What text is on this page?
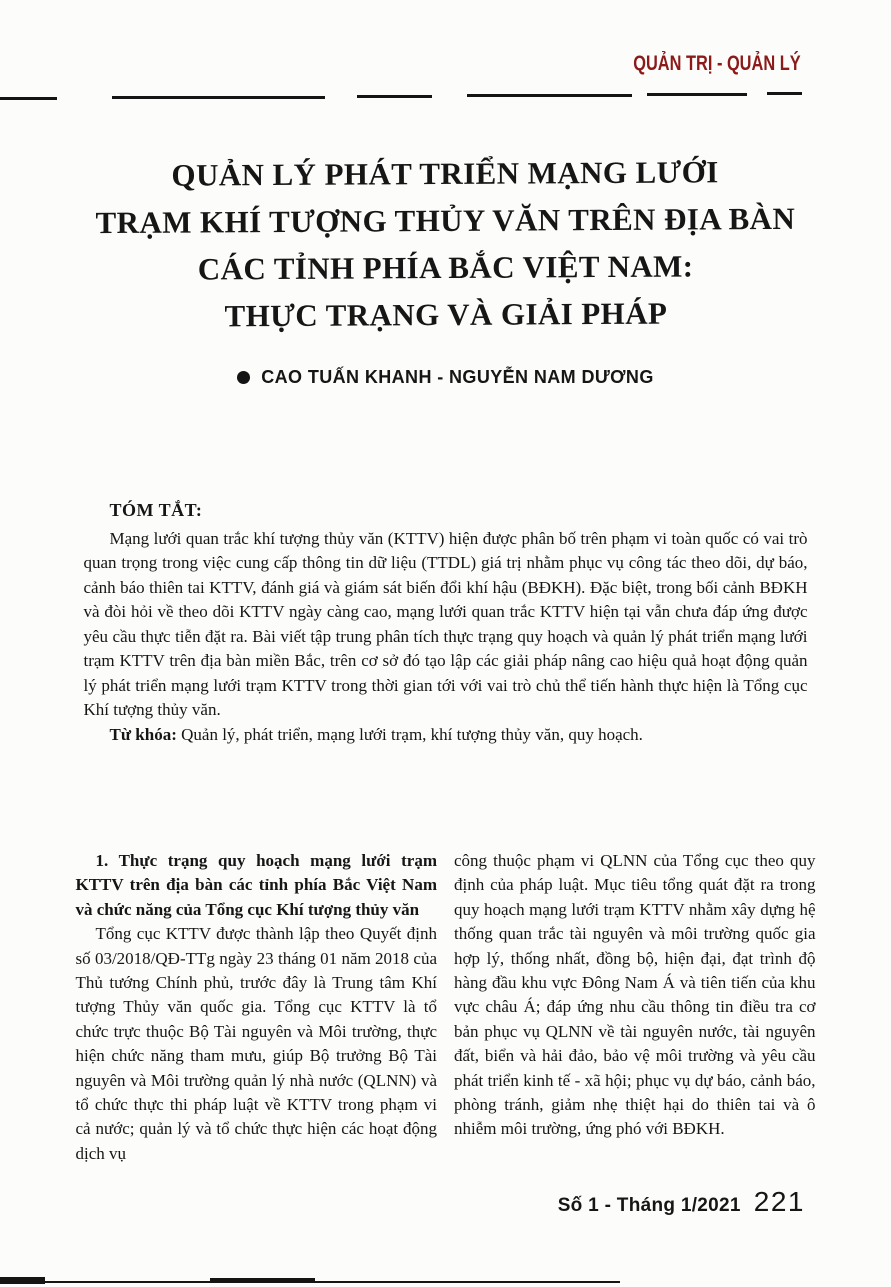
QUẢN TRỊ - QUẢN LÝ
QUẢN LÝ PHÁT TRIỂN MẠNG LƯỚI
TRẠM KHÍ TƯỢNG THỦY VĂN TRÊN ĐỊA BÀN
CÁC TỈNH PHÍA BẮC VIỆT NAM:
THỰC TRẠNG VÀ GIẢI PHÁP
CAO TUẤN KHANH - NGUYỄN NAM DƯƠNG

TÓM TẮT:

Mạng lưới quan trắc khí tượng thủy văn (KTTV) hiện được phân bố trên phạm vi toàn quốc có vai trò quan trọng trong việc cung cấp thông tin dữ liệu (TTDL) giá trị nhằm phục vụ công tác theo dõi, dự báo, cảnh báo thiên tai KTTV, đánh giá và giám sát biến đổi khí hậu (BĐKH). Đặc biệt, trong bối cảnh BĐKH và đòi hỏi về theo dõi KTTV ngày càng cao, mạng lưới quan trắc KTTV hiện tại vẫn chưa đáp ứng được yêu cầu thực tiễn đặt ra. Bài viết tập trung phân tích thực trạng quy hoạch và quản lý phát triển mạng lưới trạm KTTV trên địa bàn miền Bắc, trên cơ sở đó tạo lập các giải pháp nâng cao hiệu quả hoạt động quản lý phát triển mạng lưới trạm KTTV trong thời gian tới với vai trò chủ thể tiến hành thực hiện là Tổng cục Khí tượng thủy văn.

Từ khóa: Quản lý, phát triển, mạng lưới trạm, khí tượng thủy văn, quy hoạch.

1. Thực trạng quy hoạch mạng lưới trạm KTTV trên địa bàn các tỉnh phía Bắc Việt Nam và chức năng của Tổng cục Khí tượng thủy văn

Tổng cục KTTV được thành lập theo Quyết định số 03/2018/QĐ-TTg ngày 23 tháng 01 năm 2018 của Thủ tướng Chính phủ, trước đây là Trung tâm Khí tượng Thủy văn quốc gia. Tổng cục KTTV là tổ chức trực thuộc Bộ Tài nguyên và Môi trường, thực hiện chức năng tham mưu, giúp Bộ trưởng Bộ Tài nguyên và Môi trường quản lý nhà nước (QLNN) và tổ chức thực thi pháp luật về KTTV trong phạm vi cả nước; quản lý và tổ chức thực hiện các hoạt động dịch vụ

công thuộc phạm vi QLNN của Tổng cục theo quy định của pháp luật. Mục tiêu tổng quát đặt ra trong quy hoạch mạng lưới trạm KTTV nhằm xây dựng hệ thống quan trắc tài nguyên và môi trường quốc gia hợp lý, thống nhất, đồng bộ, hiện đại, đạt trình độ hàng đầu khu vực Đông Nam Á và tiên tiến của khu vực châu Á; đáp ứng nhu cầu thông tin điều tra cơ bản phục vụ QLNN về tài nguyên nước, tài nguyên đất, biển và hải đảo, bảo vệ môi trường và yêu cầu phát triển kinh tế - xã hội; phục vụ dự báo, cảnh báo, phòng tránh, giảm nhẹ thiệt hại do thiên tai và ô nhiễm môi trường, ứng phó với BĐKH.

Số 1 - Tháng 1/2021 221
